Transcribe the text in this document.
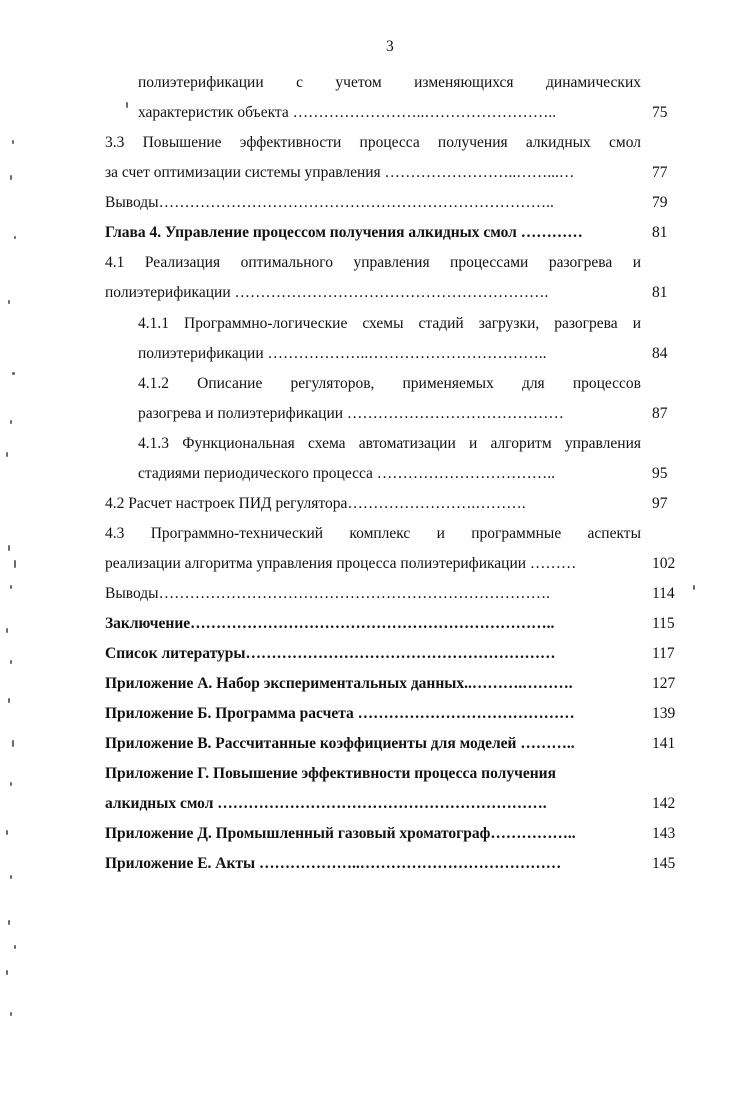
3
полиэтерификации с учетом изменяющихся динамических
характеристик объекта ……………………..……………………..	75
3.3 Повышение эффективности процесса получения алкидных смол
за счет оптимизации системы управления ……………………..……...…	77
Выводы…………………………………………………………………..	79
Глава 4. Управление процессом получения алкидных смол …………	81
4.1 Реализация оптимального управления процессами разогрева и
полиэтерификации …………………………………………………….	81
4.1.1 Программно-логические схемы стадий загрузки, разогрева и
полиэтерификации ………………..……………………………..	84
4.1.2 Описание регуляторов, применяемых для процессов
разогрева и полиэтерификации ……………………………………	87
4.1.3 Функциональная схема автоматизации и алгоритм управления
стадиями периодического процесса ……………………………..	95
4.2 Расчет настроек ПИД регулятора…………………….……….	97
4.3 Программно-технический комплекс и программные аспекты
реализации алгоритма управления процесса полиэтерификации ………	102
Выводы………………………………………………………………….	114
Заключение……………………………………………………………..	115
Список литературы……………………………………………………	117
Приложение А. Набор экспериментальных данных..……….……….	127
Приложение Б. Программа расчета ……………………………………	139
Приложение В. Рассчитанные коэффициенты для моделей ………..	141
Приложение Г. Повышение эффективности процесса получения
алкидных смол ……………………………………………………….	142
Приложение Д. Промышленный газовый хроматограф……………..	143
Приложение Е. Акты ………………..…………………………………	145
